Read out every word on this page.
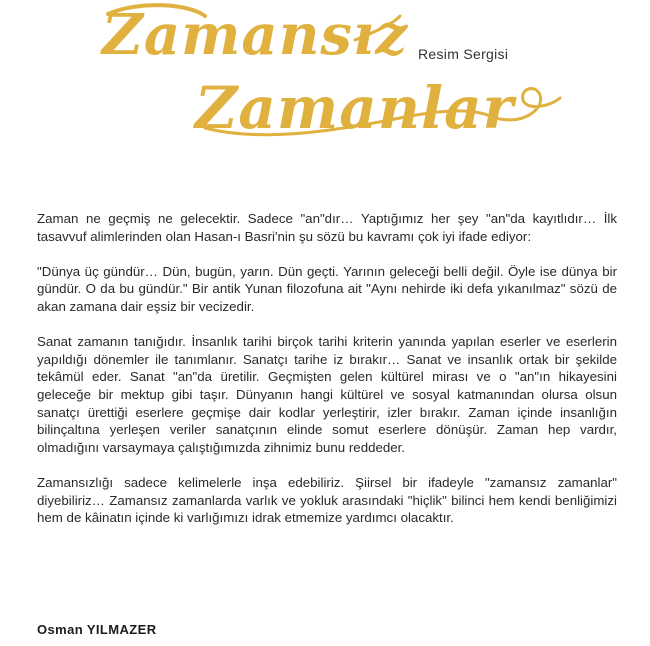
Zamansız Resim Sergisi
Zamanlar

Zaman ne geçmiş ne gelecektir. Sadece "an"dır… Yaptığımız her şey "an"da kayıtlıdır… İlk tasavvuf alimlerinden olan Hasan-ı Basri'nin şu sözü bu kavramı çok iyi ifade ediyor:

"Dünya üç gündür… Dün, bugün, yarın. Dün geçti. Yarının geleceği belli değil. Öyle ise dünya bir gündür. O da bu gündür." Bir antik Yunan filozofuna ait "Aynı nehirde iki defa yıkanılmaz" sözü de akan zamana dair eşsiz bir vecizedir.

Sanat zamanın tanığıdır. İnsanlık tarihi birçok tarihi kriterin yanında yapılan eserler ve eserlerin yapıldığı dönemler ile tanımlanır. Sanatçı tarihe iz bırakır… Sanat ve insanlık ortak bir şekilde tekâmül eder. Sanat "an"da üretilir. Geçmişten gelen kültürel mirası ve o "an"ın hikayesini geleceğe bir mektup gibi taşır. Dünyanın hangi kültürel ve sosyal katmanından olursa olsun sanatçı ürettiği eserlere geçmişe dair kodlar yerleştirir, izler bırakır. Zaman içinde insanlığın bilinçaltına yerleşen veriler sanatçının elinde somut eserlere dönüşür. Zaman hep vardır, olmadığını varsaymaya çalıştığımızda zihnimiz bunu reddeder.

Zamansızlığı sadece kelimelerle inşa edebiliriz. Şiirsel bir ifadeyle "zamansız zamanlar" diyebiliriz… Zamansız zamanlarda varlık ve yokluk arasındaki "hiçlik" bilinci hem kendi benliğimizi hem de kâinatın içinde ki varlığımızı idrak etmemize yardımcı olacaktır.

Osman YILMAZER
